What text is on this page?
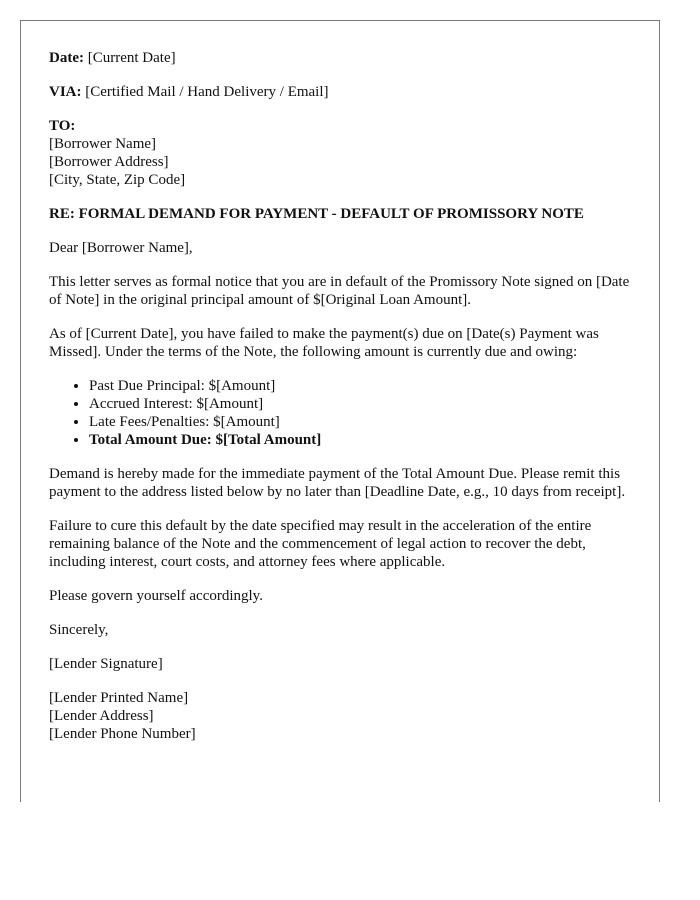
Date: [Current Date]

VIA: [Certified Mail / Hand Delivery / Email]

TO:
[Borrower Name]
[Borrower Address]
[City, State, Zip Code]

RE: FORMAL DEMAND FOR PAYMENT - DEFAULT OF PROMISSORY NOTE

Dear [Borrower Name],

This letter serves as formal notice that you are in default of the Promissory Note signed on [Date of Note] in the original principal amount of $[Original Loan Amount].

As of [Current Date], you have failed to make the payment(s) due on [Date(s) Payment was Missed]. Under the terms of the Note, the following amount is currently due and owing:

• Past Due Principal: $[Amount]
• Accrued Interest: $[Amount]
• Late Fees/Penalties: $[Amount]
• Total Amount Due: $[Total Amount]

Demand is hereby made for the immediate payment of the Total Amount Due. Please remit this payment to the address listed below by no later than [Deadline Date, e.g., 10 days from receipt].

Failure to cure this default by the date specified may result in the acceleration of the entire remaining balance of the Note and the commencement of legal action to recover the debt, including interest, court costs, and attorney fees where applicable.

Please govern yourself accordingly.

Sincerely,

[Lender Signature]

[Lender Printed Name]
[Lender Address]
[Lender Phone Number]
